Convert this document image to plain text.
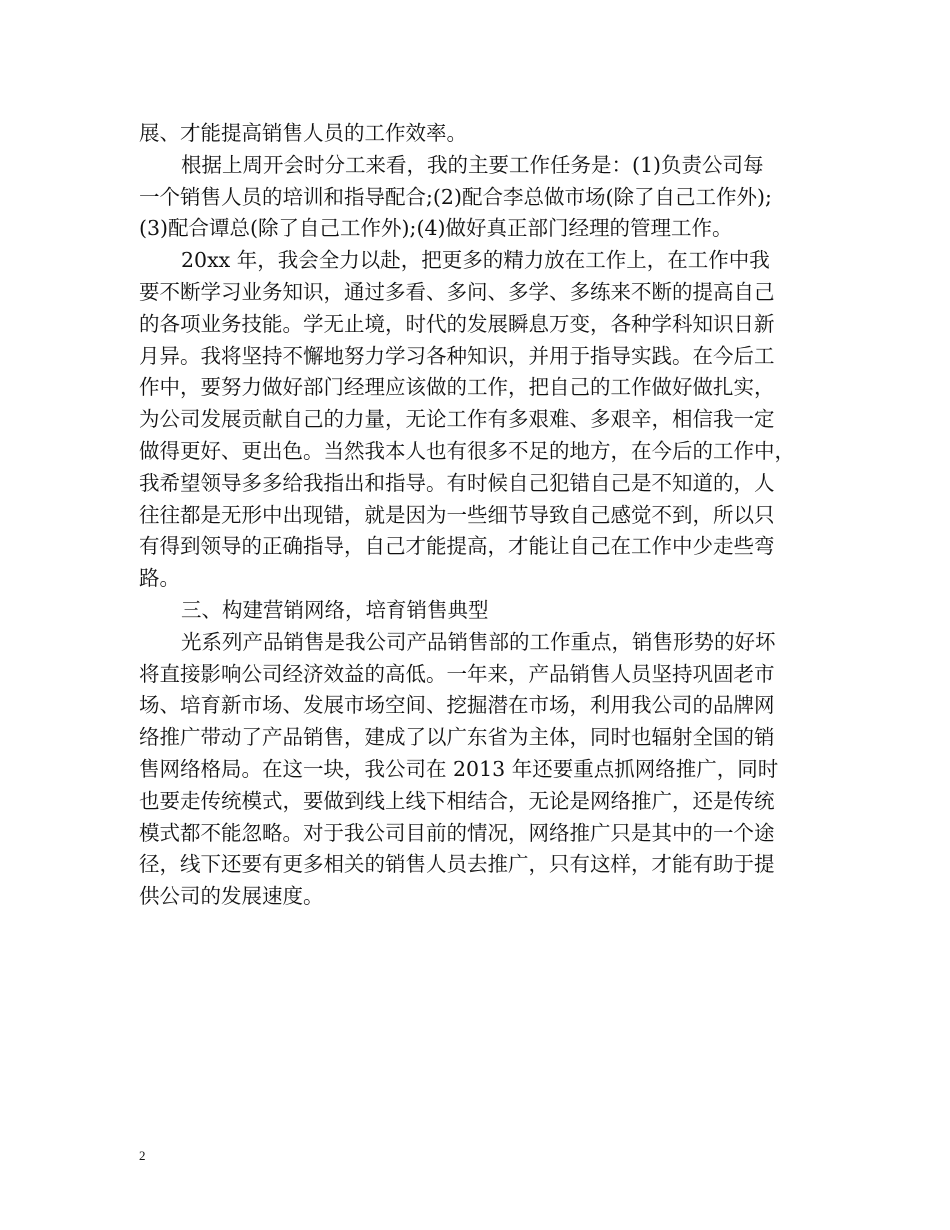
展、才能提高销售人员的工作效率。
根据上周开会时分工来看，我的主要工作任务是：(1)负责公司每
一个销售人员的培训和指导配合;(2)配合李总做市场(除了自己工作外);
(3)配合谭总(除了自己工作外);(4)做好真正部门经理的管理工作。
20xx 年，我会全力以赴，把更多的精力放在工作上，在工作中我
要不断学习业务知识，通过多看、多问、多学、多练来不断的提高自己
的各项业务技能。学无止境，时代的发展瞬息万变，各种学科知识日新
月异。我将坚持不懈地努力学习各种知识，并用于指导实践。在今后工
作中，要努力做好部门经理应该做的工作，把自己的工作做好做扎实，
为公司发展贡献自己的力量，无论工作有多艰难、多艰辛，相信我一定
做得更好、更出色。当然我本人也有很多不足的地方，在今后的工作中，
我希望领导多多给我指出和指导。有时候自己犯错自己是不知道的，人
往往都是无形中出现错，就是因为一些细节导致自己感觉不到，所以只
有得到领导的正确指导，自己才能提高，才能让自己在工作中少走些弯
路。
三、构建营销网络，培育销售典型
光系列产品销售是我公司产品销售部的工作重点，销售形势的好坏
将直接影响公司经济效益的高低。一年来，产品销售人员坚持巩固老市
场、培育新市场、发展市场空间、挖掘潜在市场，利用我公司的品牌网
络推广带动了产品销售，建成了以广东省为主体，同时也辐射全国的销
售网络格局。在这一块，我公司在 2013 年还要重点抓网络推广，同时
也要走传统模式，要做到线上线下相结合，无论是网络推广，还是传统
模式都不能忽略。对于我公司目前的情况，网络推广只是其中的一个途
径，线下还要有更多相关的销售人员去推广，只有这样，才能有助于提
供公司的发展速度。
2
